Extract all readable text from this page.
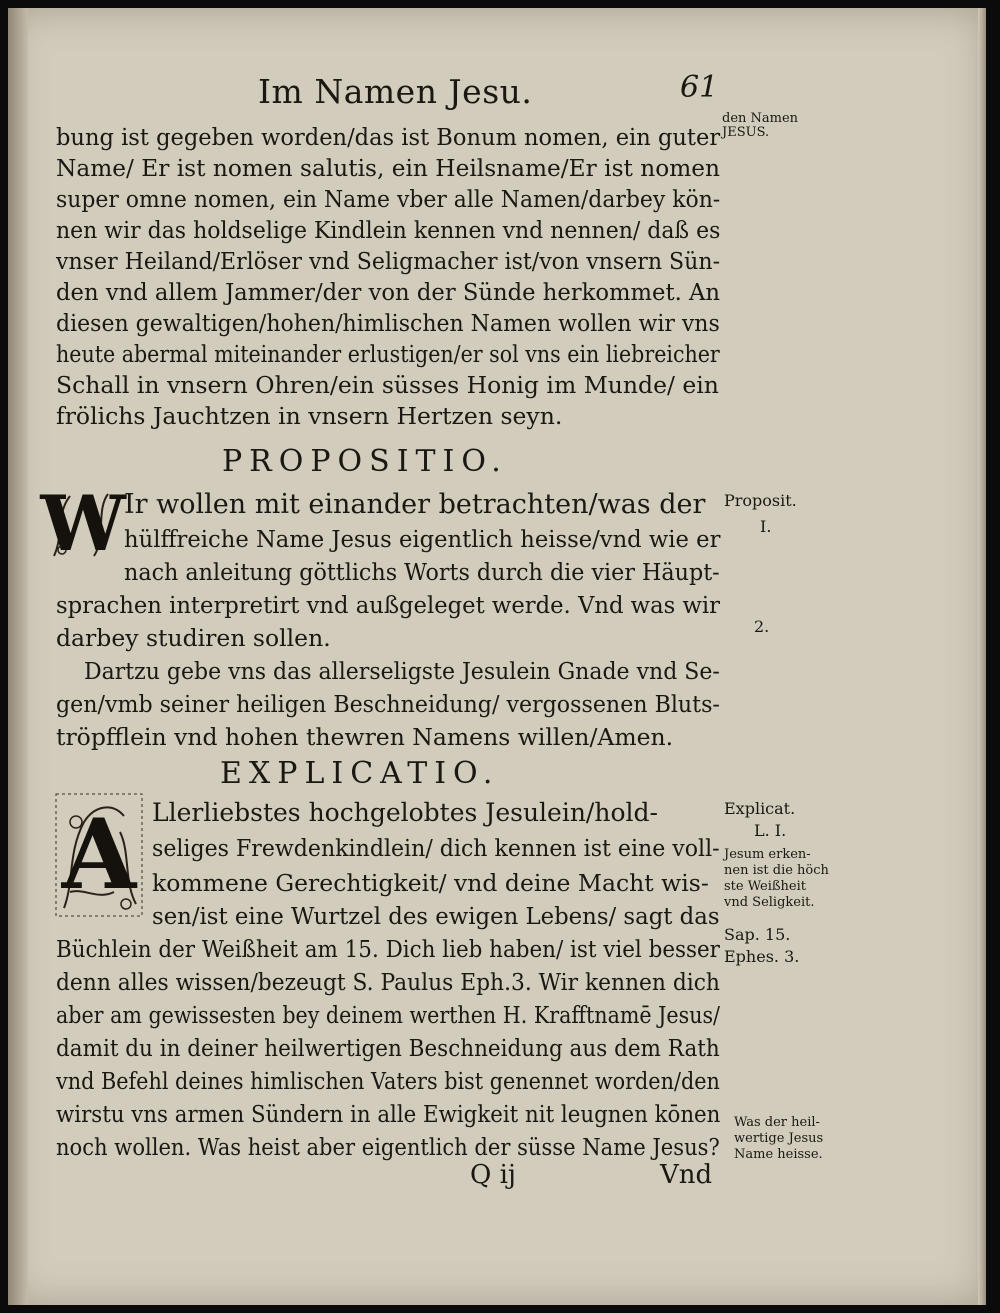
Im Namen Jesu.	61
den Namen JESUS.
Proposit.
I.
2.
Explicat.
L. I.
Jesum erken-
nen ist die höch
ste Weißheit
vnd Seligkeit.
Sap. 15.
Ephes. 3.
Was der heil-
wertige Jesus
Name heisse.
bung ist gegeben worden/das ist Bonum nomen, ein guter
Name/ Er ist nomen salutis, ein Heilsname/Er ist nomen
super omne nomen, ein Name vber alle Namen/darbey kön-
nen wir das holdselige Kindlein kennen vnd nennen/ daß es
vnser Heiland/Erlöser vnd Seligmacher ist/von vnsern Sün-
den vnd allem Jammer/der von der Sünde herkommet. An
diesen gewaltigen/hohen/himlischen Namen wollen wir vns
heute abermal miteinander erlustigen/er sol vns ein liebreicher
Schall in vnsern Ohren/ein süsses Honig im Munde/ ein
frölichs Jauchtzen in vnsern Hertzen seyn.
PROPOSITIO.
W
Ir wollen mit einander betrachten/was der
hülffreiche Name Jesus eigentlich heisse/vnd wie er
nach anleitung göttlichs Worts durch die vier Häupt-
sprachen interpretirt vnd außgeleget werde. Vnd was wir
darbey studiren sollen.
Dartzu gebe vns das allerseligste Jesulein Gnade vnd Se-
gen/vmb seiner heiligen Beschneidung/ vergossenen Bluts-
tröpfflein vnd hohen thewren Namens willen/Amen.
EXPLICATIO.
A Llerliebstes hochgelobtes Jesulein/hold-
seliges Frewdenkindlein/ dich kennen ist eine voll-
kommene Gerechtigkeit/ vnd deine Macht wis-
sen/ist eine Wurtzel des ewigen Lebens/ sagt das
Büchlein der Weißheit am 15. Dich lieb haben/ ist viel besser
denn alles wissen/bezeugt S. Paulus Eph.3. Wir kennen dich
aber am gewissesten bey deinem werthen H. Krafftnamē Jesus/
damit du in deiner heilwertigen Beschneidung aus dem Rath
vnd Befehl deines himlischen Vaters bist genennet worden/den
wirstu vns armen Sündern in alle Ewigkeit nit leugnen kōnen
noch wollen. Was heist aber eigentlich der süsse Name Jesus?
Q ij	Vnd
